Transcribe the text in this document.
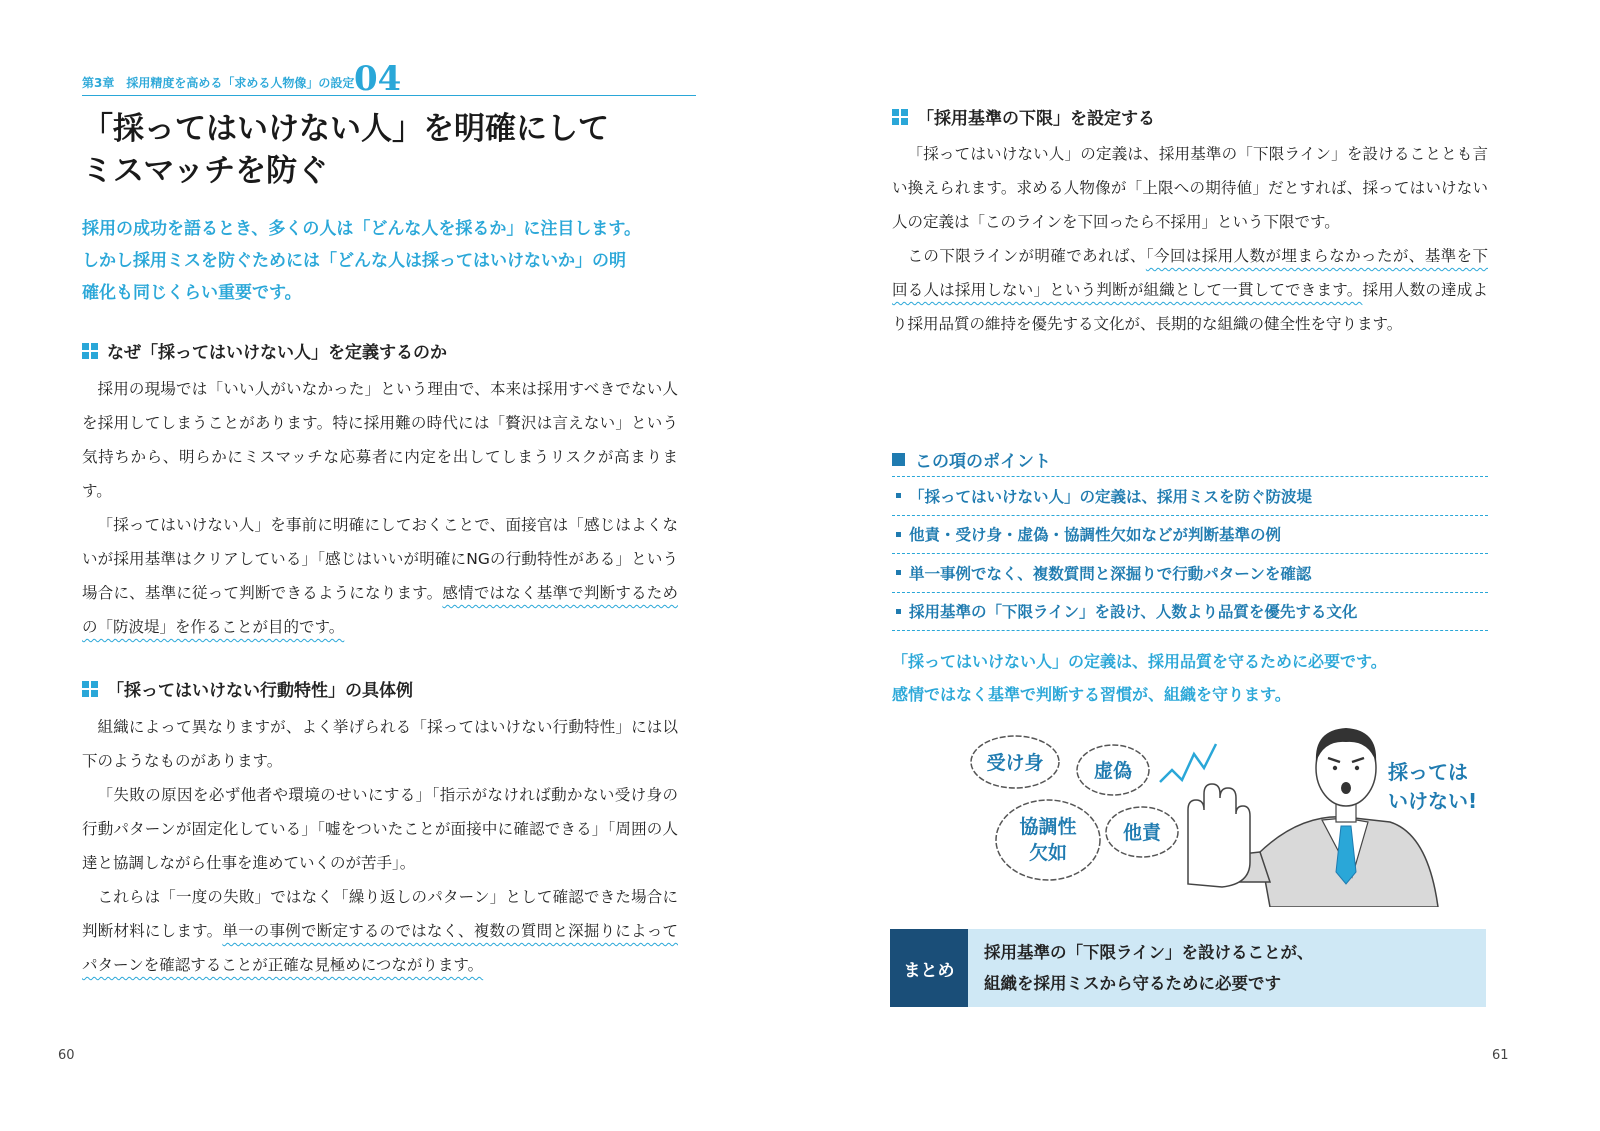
第3章　採用精度を高める「求める人物像」の設定 04
「採ってはいけない人」を明確にして
ミスマッチを防ぐ
採用の成功を語るとき、多くの人は「どんな人を採るか」に注目します。
しかし採用ミスを防ぐためには「どんな人は採ってはいけないか」の明
確化も同じくらい重要です。
なぜ「採ってはいけない人」を定義するのか

採用の現場では「いい人がいなかった」という理由で、本来は採用すべきでない人を採用してしまうことがあります。特に採用難の時代には「贅沢は言えない」という気持ちから、明らかにミスマッチな応募者に内定を出してしまうリスクが高まります。

「採ってはいけない人」を事前に明確にしておくことで、面接官は「感じはよくないが採用基準はクリアしている」「感じはいいが明確にNGの行動特性がある」という場合に、基準に従って判断できるようになります。感情ではなく基準で判断するための「防波堤」を作ることが目的です。

「採ってはいけない行動特性」の具体例

組織によって異なりますが、よく挙げられる「採ってはいけない行動特性」には以下のようなものがあります。

「失敗の原因を必ず他者や環境のせいにする」「指示がなければ動かない受け身の行動パターンが固定化している」「嘘をついたことが面接中に確認できる」「周囲の人達と協調しながら仕事を進めていくのが苦手」。

これらは「一度の失敗」ではなく「繰り返しのパターン」として確認できた場合に判断材料にします。単一の事例で断定するのではなく、複数の質問と深掘りによってパターンを確認することが正確な見極めにつながります。

60
「採用基準の下限」を設定する

「採ってはいけない人」の定義は、採用基準の「下限ライン」を設けることとも言い換えられます。求める人物像が「上限への期待値」だとすれば、採ってはいけない人の定義は「このラインを下回ったら不採用」という下限です。

この下限ラインが明確であれば、「今回は採用人数が埋まらなかったが、基準を下回る人は採用しない」という判断が組織として一貫してできます。採用人数の達成より採用品質の維持を優先する文化が、長期的な組織の健全性を守ります。

この項のポイント
「採ってはいけない人」の定義は、採用ミスを防ぐ防波堤
他責・受け身・虚偽・協調性欠如などが判断基準の例
単一事例でなく、複数質問と深掘りで行動パターンを確認
採用基準の「下限ライン」を設け、人数より品質を優先する文化
「採ってはいけない人」の定義は、採用品質を守るために必要です。
感情ではなく基準で判断する習慣が、組織を守ります。
受け身	虚偽
協調性
欠如
他責
採っては
いけない!
まとめ
採用基準の「下限ライン」を設けることが、
組織を採用ミスから守るために必要です
61
